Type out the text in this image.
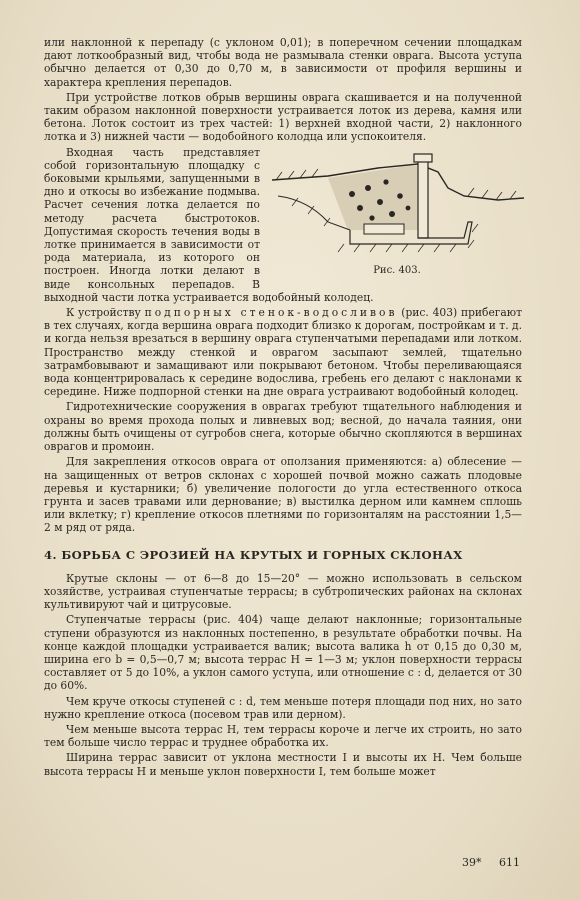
или наклонной к перепаду (с уклоном 0,01); в поперечном сечении площадкам дают лоткообразный вид, чтобы вода не размывала стенки оврага. Высота уступа обычно делается от 0,30 до 0,70 м, в зависимости от профиля вершины и характера крепления перепадов.

При устройстве лотков обрыв вершины оврага скашивается и на полученной таким образом наклонной поверхности устраивается лоток из дерева, камня или бетона. Лоток состоит из трех частей: 1) верхней входной части, 2) наклонного лотка и 3) нижней части — водобойного колодца или успокоителя.

Рис. 403.

Входная часть представляет собой горизонтальную площадку с боковыми крыльями, запущенными в дно и откосы во избежание подмыва. Расчет сечения лотка делается по методу расчета быстротоков. Допустимая скорость течения воды в лотке принимается в зависимости от рода материала, из которого он построен. Иногда лотки делают в виде консольных перепадов. В выходной части лотка устраивается водобойный колодец.

К устройству подпорных стенок-водосливов (рис. 403) прибегают в тех случаях, когда вершина оврага подходит близко к дорогам, постройкам и т. д. и когда нельзя врезаться в вершину оврага ступенчатыми перепадами или лотком. Пространство между стенкой и оврагом засыпают землей, тщательно затрамбовывают и замащивают или покрывают бетоном. Чтобы переливающаяся вода концентрировалась к середине водослива, гребень его делают с наклонами к середине. Ниже подпорной стенки на дне оврага устраивают водобойный колодец.

Гидротехнические сооружения в оврагах требуют тщательного наблюдения и охраны во время прохода полых и ливневых вод; весной, до начала таяния, они должны быть очищены от сугробов снега, которые обычно скопляются в вершинах оврагов и промоин.

Для закрепления откосов оврага от оползания применяются: а) облесение — на защищенных от ветров склонах с хорошей почвой можно сажать плодовые деревья и кустарники; б) увеличение пологости до угла естественного откоса грунта и засев травами или дернование; в) выстилка дерном или камнем сплошь или вклетку; г) крепление откосов плетнями по горизонталям на расстоянии 1,5—2 м ряд от ряда.

4. БОРЬБА С ЭРОЗИЕЙ НА КРУТЫХ И ГОРНЫХ СКЛОНАХ

Крутые склоны — от 6—8 до 15—20° — можно использовать в сельском хозяйстве, устраивая ступенчатые террасы; в субтропических районах на склонах культивируют чай и цитрусовые.

Ступенчатые террасы (рис. 404) чаще делают наклонные; горизонтальные ступени образуются из наклонных постепенно, в результате обработки почвы. На конце каждой площадки устраивается валик; высота валика h от 0,15 до 0,30 м, ширина его b = 0,5—0,7 м; высота террас H = 1—3 м; уклон поверхности террасы составляет от 5 до 10%, а уклон самого уступа, или отношение c : d, делается от 30 до 60%.

Чем круче откосы ступеней c : d, тем меньше потеря площади под них, но зато нужно крепление откоса (посевом трав или дерном).

Чем меньше высота террас H, тем террасы короче и легче их строить, но зато тем больше число террас и труднее обработка их.

Ширина террас зависит от уклона местности I и высоты их H. Чем больше высота террасы H и меньше уклон поверхности I, тем больше может

39* 611
